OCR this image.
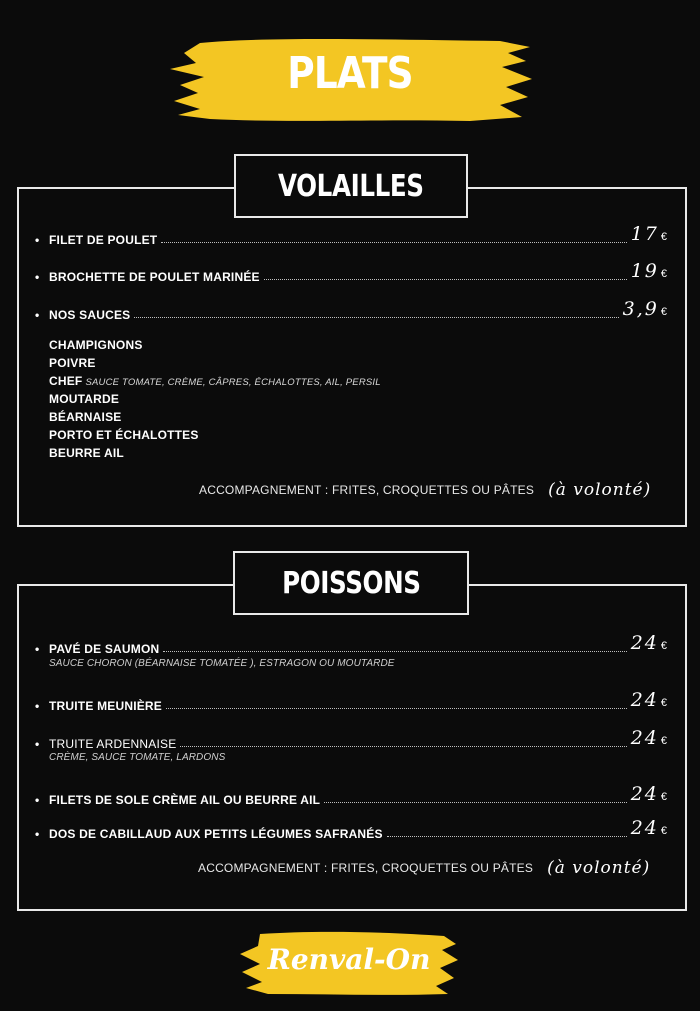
PLATS
VOLAILLES
• FILET DE POULET	17 €
• BROCHETTE DE POULET MARINÉE	19 €
• NOS SAUCES	3,9 €
CHAMPIGNONS
POIVRE
CHEF SAUCE TOMATE, CRÈME, CÂPRES, ÉCHALOTTES, AIL, PERSIL
MOUTARDE
BÉARNAISE
PORTO ET ÉCHALOTTES
BEURRE AIL
ACCOMPAGNEMENT : FRITES, CROQUETTES OU PÂTES (à volonté)
POISSONS
• PAVÉ DE SAUMON	24 €
SAUCE CHORON (BÉARNAISE TOMATÉE ), ESTRAGON OU MOUTARDE
• TRUITE MEUNIÈRE	24 €
• TRUITE ARDENNAISE	24 €
CRÈME, SAUCE TOMATE, LARDONS
• FILETS DE SOLE CRÈME AIL OU BEURRE AIL	24 €
• DOS DE CABILLAUD AUX PETITS LÉGUMES SAFRANÉS	24 €
ACCOMPAGNEMENT : FRITES, CROQUETTES OU PÂTES (à volonté)
Renval-On
